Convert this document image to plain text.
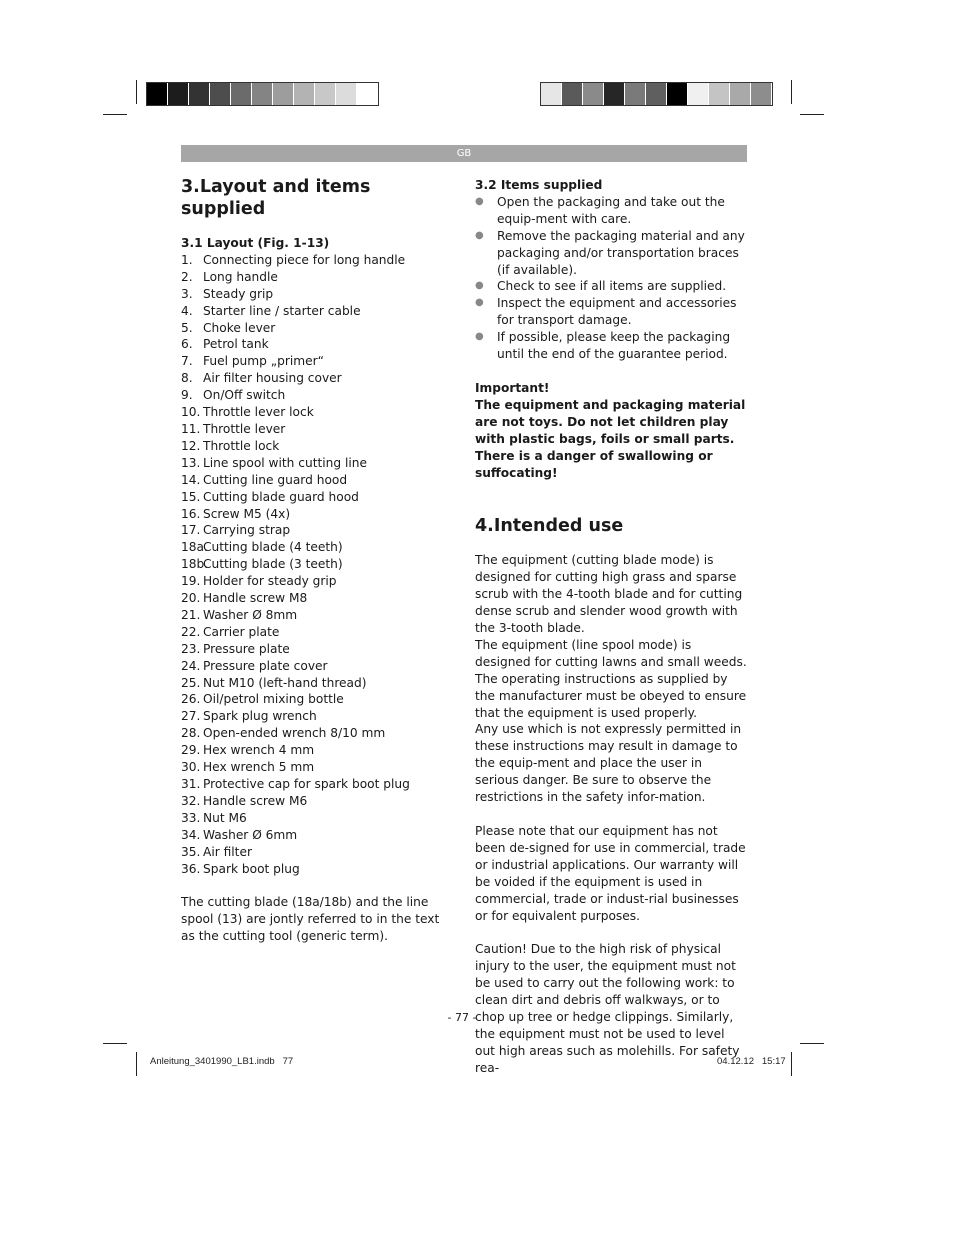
GB
3.Layout and items supplied
3.1 Layout (Fig. 1-13)
1. Connecting piece for long handle
2. Long handle
3. Steady grip
4. Starter line / starter cable
5. Choke lever
6. Petrol tank
7. Fuel pump „primer“
8. Air filter housing cover
9. On/Off switch
10. Throttle lever lock
11. Throttle lever
12. Throttle lock
13. Line spool with cutting line
14. Cutting line guard hood
15. Cutting blade guard hood
16. Screw M5 (4x)
17. Carrying strap
18a.
Cutting blade (4 teeth)
18b.
Cutting blade (3 teeth)
19. Holder for steady grip
20. Handle screw M8
21. Washer Ø 8mm
22. Carrier plate
23. Pressure plate
24. Pressure plate cover
25. Nut M10 (left-hand thread)
26. Oil/petrol mixing bottle
27. Spark plug wrench
28. Open-ended wrench 8/10 mm
29. Hex wrench 4 mm
30. Hex wrench 5 mm
31. Protective cap for spark boot plug
32. Handle screw M6
33. Nut M6
34. Washer Ø 6mm
35. Air filter
36. Spark boot plug

The cutting blade (18a/18b) and the line spool (13) are jontly referred to in the text as the cutting tool (generic term).

3.2 Items supplied
●	Open the packaging and take out the equip-ment with care.
●	Remove the packaging material and any packaging and/or transportation braces (if available).
●	Check to see if all items are supplied.
●	Inspect the equipment and accessories for transport damage.
●	If possible, please keep the packaging until the end of the guarantee period.

Important!

The equipment and packaging material are not toys. Do not let children play with plastic bags, foils or small parts. There is a danger of swallowing or suffocating!

4.Intended use

The equipment (cutting blade mode) is designed for cutting high grass and sparse scrub with the 4-tooth blade and for cutting dense scrub and slender wood growth with the 3-tooth blade.

The equipment (line spool mode) is designed for cutting lawns and small weeds. The operating instructions as supplied by the manufacturer must be obeyed to ensure that the equipment is used properly.

Any use which is not expressly permitted in these instructions may result in damage to the equip-ment and place the user in serious danger. Be sure to observe the restrictions in the safety infor-mation.

Please note that our equipment has not been de-signed for use in commercial, trade or industrial applications. Our warranty will be voided if the equipment is used in commercial, trade or indust-rial businesses or for equivalent purposes.

Caution! Due to the high risk of physical injury to the user, the equipment must not be used to carry out the following work: to clean dirt and debris off walkways, or to chop up tree or hedge clippings. Similarly, the equipment must not be used to level out high areas such as molehills. For safety rea-

- 77 -
Anleitung_3401990_LB1.indb   77	04.12.12   15:17
